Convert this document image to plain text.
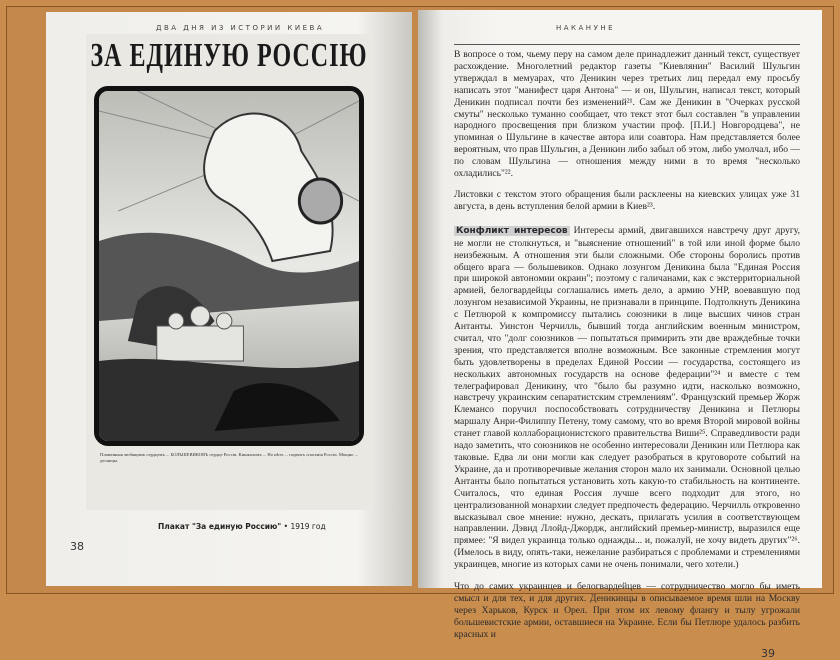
ДВА ДНЯ ИЗ ИСТОРИИ КИЕВА
ЗА ЕДИНУЮ РОССІЮ
Пламенныя любящимъ сердцемъ ... БОЛЬШЕВИКОВЪ сердце Россіи. Кинжаломъ ... Но нѣтъ ... подвигъ спасенія Россіи. Мощно ... десницы.
Плакат "За единую Россию" • 1919 год
38
НАКАНУНЕ

В вопросе о том, чьему перу на самом деле принадлежит данный текст, существует расхождение. Многолетний редактор газеты "Киевлянин" Василий Шульгин утверждал в мемуарах, что Деникин через третьих лиц передал ему просьбу написать этот "манифест царя Антона" — и он, Шульгин, написал текст, который Деникин подписал почти без изменений²¹. Сам же Деникин в "Очерках русской смуты" несколько туманно сообщает, что текст этот был составлен "в управлении народного просвещения при близком участии проф. [П.И.] Новгородцева", не упоминая о Шульгине в качестве автора или соавтора. Нам представляется более вероятным, что прав Шульгин, а Деникин либо забыл об этом, либо умолчал, ибо — по словам Шульгина — отношения между ними в то время "несколько охладились"²².

Листовки с текстом этого обращения были расклеены на киевских улицах уже 31 августа, в день вступления белой армии в Киев²³.

Конфликт интересов Интересы армий, двигавшихся навстречу друг другу, не могли не столкнуться, и "выяснение отношений" в той или иной форме было неизбежным. А отношения эти были сложными. Обе стороны боролись против общего врага — большевиков. Однако лозунгом Деникина была "Единая Россия при широкой автономии окраин"; поэтому с галичанами, как с экстерриториальной армией, белогвардейцы соглашались иметь дело, а армию УНР, воевавшую под лозунгом независимой Украины, не признавали в принципе. Подтолкнуть Деникина с Петлюрой к компромиссу пытались союзники в лице высших чинов стран Антанты. Уинстон Черчилль, бывший тогда английским военным министром, считал, что "долг союзников — попытаться примирить эти две враждебные точки зрения, что представляется вполне возможным. Все законные стремления могут быть удовлетворены в пределах Единой России — государства, состоящего из нескольких автономных государств на основе федерации"²⁴ и вместе с тем телеграфировал Деникину, что "было бы разумно идти, насколько возможно, навстречу украинским сепаратистским стремлениям". Французский премьер Жорж Клемансо поручил поспособствовать сотрудничеству Деникина и Петлюры маршалу Анри-Филиппу Петену, тому самому, что во время Второй мировой войны станет главой коллаборационистского правительства Виши²⁵. Справедливости ради надо заметить, что союзников не особенно интересовали Деникин или Петлюра как таковые. Едва ли они могли как следует разобраться в круговороте событий на Украине, да и противоречивые желания сторон мало их занимали. Основной целью Антанты было попытаться установить хоть какую-то стабильность на континенте. Считалось, что единая Россия лучше всего подходит для этого, но централизованной монархии следует предпочесть федерацию. Черчилль откровенно высказывал свое мнение: нужно, дескать, прилагать усилия в соответствующем направлении. Дэвид Ллойд-Джордж, английский премьер-министр, выразился еще прямее: "Я видел украинца только однажды... и, пожалуй, не хочу видеть других"²⁶. (Имелось в виду, опять-таки, нежелание разбираться с проблемами и стремлениями украинцев, многие из которых сами не очень понимали, чего хотели.)

Что до самих украинцев и белогвардейцев — сотрудничество могло бы иметь смысл и для тех, и для других. Деникинцы в описываемое время шли на Москву через Харьков, Курск и Орел. При этом их левому флангу и тылу угрожали большевистские армии, оставшиеся на Украине. Если бы Петлюре удалось разбить красных и

39
